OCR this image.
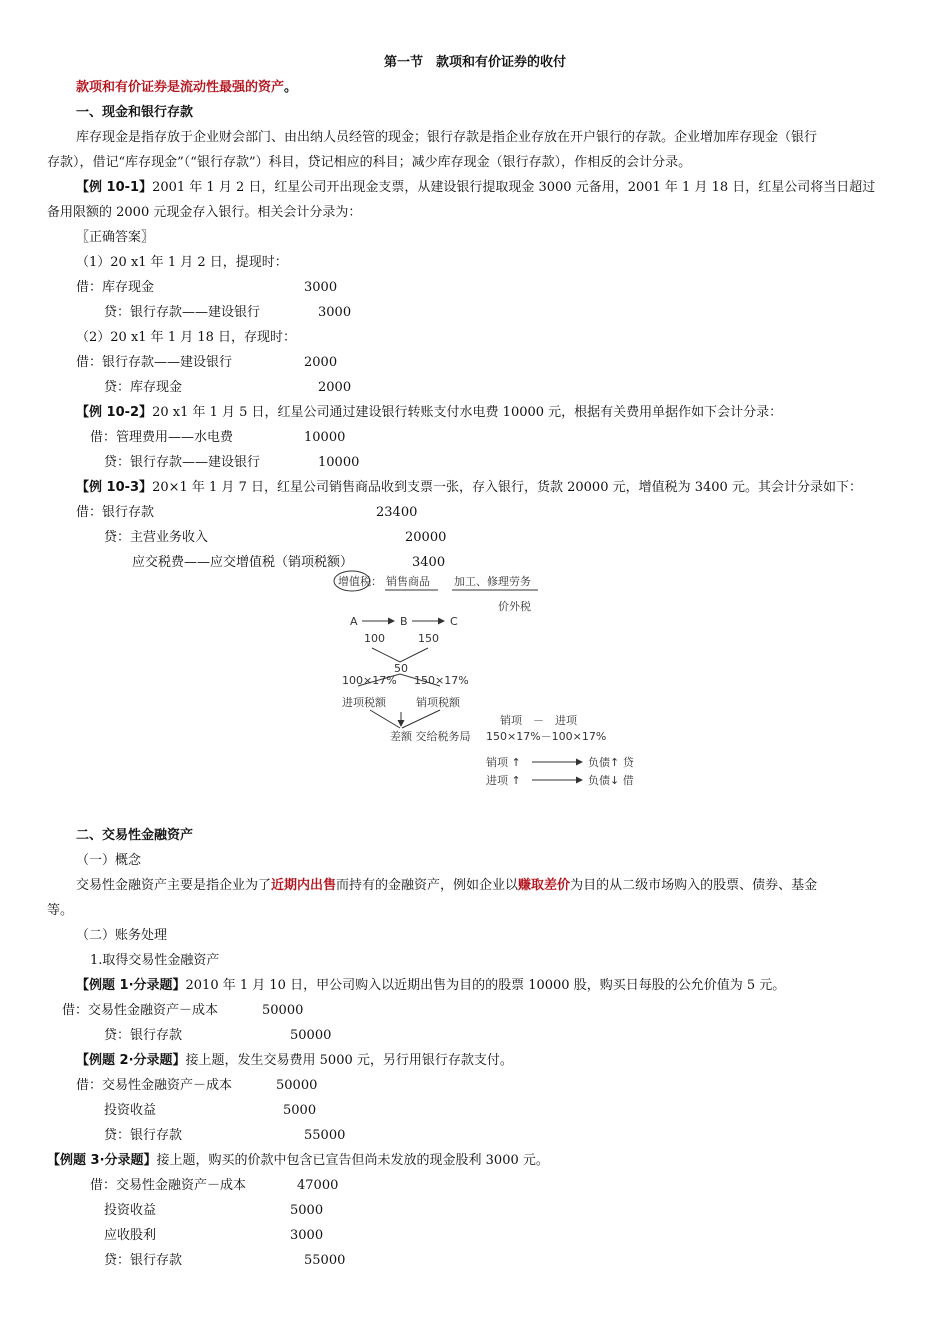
第一节　款项和有价证券的收付
款项和有价证券是流动性最强的资产。
一、现金和银行存款
库存现金是指存放于企业财会部门、由出纳人员经管的现金；银行存款是指企业存放在开户银行的存款。企业增加库存现金（银行
存款），借记“库存现金”（“银行存款”）科目，贷记相应的科目；减少库存现金（银行存款），作相反的会计分录。
【例 10-1】2001 年 1 月 2 日，红星公司开出现金支票，从建设银行提取现金 3000 元备用，2001 年 1 月 18 日，红星公司将当日超过
备用限额的 2000 元现金存入银行。相关会计分录为：
〖正确答案〗
（1）20 x1 年 1 月 2 日，提现时：
借：库存现金	3000
贷：银行存款——建设银行	3000
（2）20 x1 年 1 月 18 日，存现时：
借：银行存款——建设银行	2000
贷：库存现金	2000
【例 10-2】20 x1 年 1 月 5 日，红星公司通过建设银行转账支付水电费 10000 元，根据有关费用单据作如下会计分录：
借：管理费用——水电费	10000
贷：银行存款——建设银行	10000
【例 10-3】20×1 年 1 月 7 日，红星公司销售商品收到支票一张，存入银行，货款 20000 元，增值税为 3400 元。其会计分录如下：
借：银行存款	23400
贷：主营业务收入	20000
应交税费——应交增值税（销项税额）	3400
增值税： 销售商品 加工、修理劳务
价外税
A	B	C
100	150
50
100×17% 150×17%
进项税额	销项税额
差额 交给税务局
销项　－　进项
150×17%－100×17%
销项 ↑	负债↑ 贷
进项 ↑	负债↓ 借
二、交易性金融资产
（一）概念
交易性金融资产主要是指企业为了近期内出售而持有的金融资产，例如企业以赚取差价为目的从二级市场购入的股票、债券、基金
等。
（二）账务处理
1.取得交易性金融资产
【例题 1·分录题】2010 年 1 月 10 日，甲公司购入以近期出售为目的的股票 10000 股，购买日每股的公允价值为 5 元。
借：交易性金融资产－成本	50000
贷：银行存款	50000
【例题 2·分录题】接上题，发生交易费用 5000 元，另行用银行存款支付。
借：交易性金融资产－成本	50000
投资收益	5000
贷：银行存款	55000
【例题 3·分录题】接上题，购买的价款中包含已宣告但尚未发放的现金股利 3000 元。
借：交易性金融资产－成本	47000
投资收益	5000
应收股利	3000
贷：银行存款	55000
